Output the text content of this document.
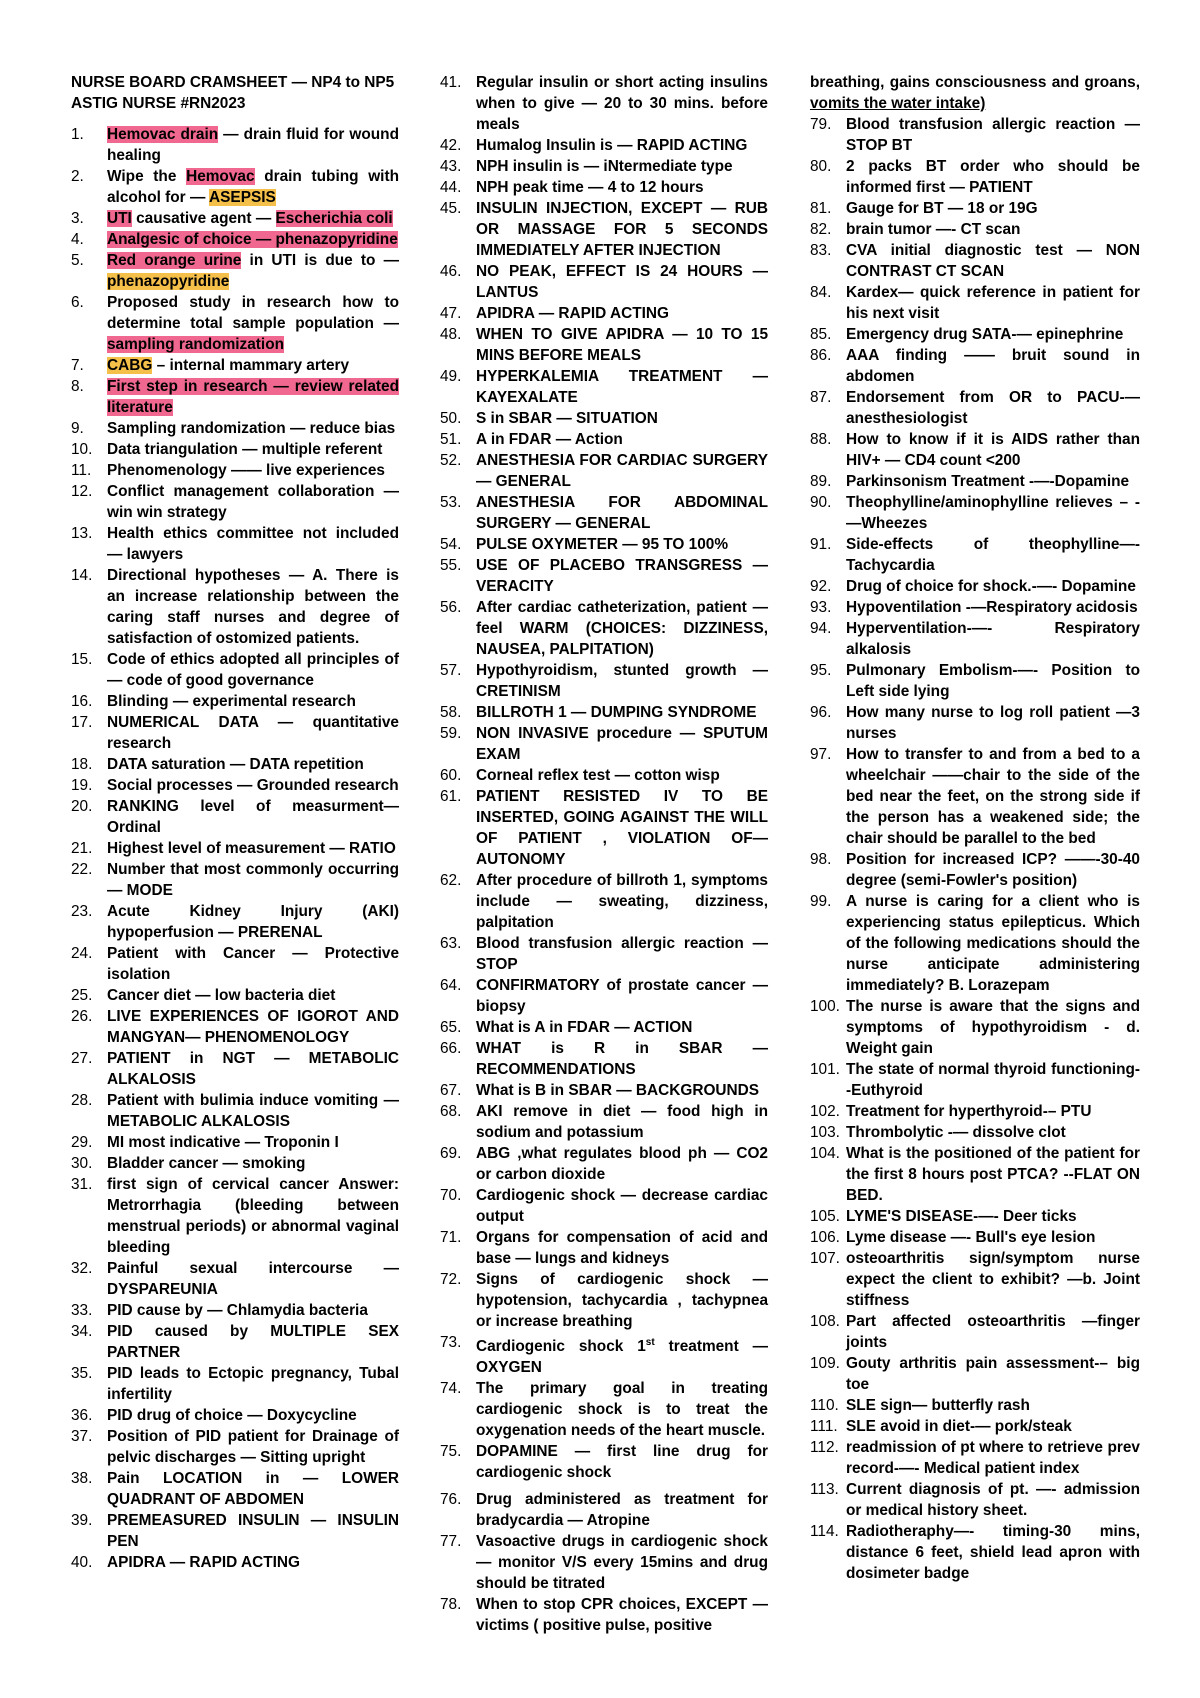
NURSE BOARD CRAMSHEET — NP4 to NP5
ASTIG NURSE #RN2023
1.	Hemovac drain — drain fluid for wound healing
2.	Wipe the Hemovac drain tubing with alcohol for — ASEPSIS
3.	UTI causative agent — Escherichia coli
4.	Analgesic of choice — phenazopyridine
5.	Red orange urine in UTI is due to — phenazopyridine
6.	Proposed study in research how to determine total sample population — sampling randomization
7.	CABG – internal mammary artery
8.	First step in research — review related literature
9.	Sampling randomization — reduce bias
10. Data triangulation — multiple referent
11.	Phenomenology —— live experiences
12. Conflict management collaboration — win win strategy
13. Health ethics committee not included — lawyers
14. Directional hypotheses — A. There is an increase relationship between the caring staff nurses and degree of satisfaction of ostomized patients.
15. Code of ethics adopted all principles of — code of good governance
16. Blinding — experimental research
17. NUMERICAL DATA — quantitative research
18. DATA saturation — DATA repetition
19. Social processes — Grounded research
20. RANKING level of measurment— Ordinal
21. Highest level of measurement — RATIO
22. Number that most commonly occurring — MODE
23. Acute Kidney Injury (AKI) hypoperfusion — PRERENAL
24. Patient with Cancer — Protective isolation
25. Cancer diet — low bacteria diet
26. LIVE EXPERIENCES OF IGOROT AND MANGYAN— PHENOMENOLOGY
27. PATIENT in NGT — METABOLIC ALKALOSIS
28. Patient with bulimia induce vomiting — METABOLIC ALKALOSIS
29. MI most indicative — Troponin I
30. Bladder cancer — smoking
31. first sign of cervical cancer Answer: Metrorrhagia (bleeding between menstrual periods) or abnormal vaginal bleeding
32. Painful sexual intercourse — DYSPAREUNIA
33. PID cause by — Chlamydia bacteria
34. PID caused by MULTIPLE SEX PARTNER
35. PID leads to Ectopic pregnancy, Tubal infertility
36. PID drug of choice — Doxycycline
37. Position of PID patient for Drainage of pelvic discharges — Sitting upright
38. Pain LOCATION in — LOWER QUADRANT OF ABDOMEN
39. PREMEASURED INSULIN — INSULIN PEN
40. APIDRA — RAPID ACTING
41. Regular insulin or short acting insulins when to give — 20 to 30 mins. before meals
42. Humalog Insulin is — RAPID ACTING
43. NPH insulin is — iNtermediate type
44. NPH peak time — 4 to 12 hours
45. INSULIN INJECTION, EXCEPT — RUB OR MASSAGE FOR 5 SECONDS IMMEDIATELY AFTER INJECTION
46. NO PEAK, EFFECT IS 24 HOURS — LANTUS
47. APIDRA — RAPID ACTING
48. WHEN TO GIVE APIDRA — 10 TO 15 MINS BEFORE MEALS
49. HYPERKALEMIA TREATMENT — KAYEXALATE
50. S in SBAR — SITUATION
51. A in FDAR — Action
52. ANESTHESIA FOR CARDIAC SURGERY — GENERAL
53. ANESTHESIA FOR ABDOMINAL SURGERY — GENERAL
54. PULSE OXYMETER — 95 TO 100%
55. USE OF PLACEBO TRANSGRESS — VERACITY
56. After cardiac catheterization, patient — feel WARM (CHOICES: DIZZINESS, NAUSEA, PALPITATION)
57. Hypothyroidism, stunted growth — CRETINISM
58. BILLROTH 1 — DUMPING SYNDROME
59. NON INVASIVE procedure — SPUTUM EXAM
60. Corneal reflex test — cotton wisp
61. PATIENT RESISTED IV TO BE INSERTED, GOING AGAINST THE WILL OF PATIENT , VIOLATION OF— AUTONOMY
62. After procedure of billroth 1, symptoms include — sweating, dizziness, palpitation
63. Blood transfusion allergic reaction — STOP
64. CONFIRMATORY of prostate cancer — biopsy
65. What is A in FDAR — ACTION
66. WHAT is R in SBAR — RECOMMENDATIONS
67. What is B in SBAR — BACKGROUNDS
68. AKI remove in diet — food high in sodium and potassium
69. ABG ,what regulates blood ph — CO2 or carbon dioxide
70. Cardiogenic shock — decrease cardiac output
71. Organs for compensation of acid and base — lungs and kidneys
72. Signs of cardiogenic shock — hypotension, tachycardia , tachypnea or increase breathing
73. Cardiogenic shock 1st treatment — OXYGEN
74. The primary goal in treating cardiogenic shock is to treat the oxygenation needs of the heart muscle.
75. DOPAMINE — first line drug for cardiogenic shock
76. Drug administered as treatment for bradycardia — Atropine
77. Vasoactive drugs in cardiogenic shock — monitor V/S every 15mins and drug should be titrated
78. When to stop CPR choices, EXCEPT — victims ( positive pulse, positive
breathing, gains consciousness and groans, vomits the water intake)
79. Blood transfusion allergic reaction — STOP BT
80. 2 packs BT order who should be informed first — PATIENT
81. Gauge for BT — 18 or 19G
82. brain tumor —- CT scan
83. CVA initial diagnostic test — NON CONTRAST CT SCAN
84. Kardex— quick reference in patient for his next visit
85. Emergency drug SATA-— epinephrine
86. AAA finding —— bruit sound in abdomen
87. Endorsement from OR to PACU-— anesthesiologist
88. How to know if it is AIDS rather than HIV+ — CD4 count <200
89. Parkinsonism Treatment -—-Dopamine
90. Theophylline/aminophylline relieves – -—Wheezes
91. Side-effects of theophylline—- Tachycardia
92. Drug of choice for shock.-—- Dopamine
93. Hypoventilation -—Respiratory acidosis
94. Hyperventilation-—- Respiratory alkalosis
95. Pulmonary Embolism-—- Position to Left side lying
96. How many nurse to log roll patient —3 nurses
97. How to transfer to and from a bed to a wheelchair ——chair to the side of the bed near the feet, on the strong side if the person has a weakened side; the chair should be parallel to the bed
98. Position for increased ICP? ——-30-40 degree (semi-Fowler's position)
99. A nurse is caring for a client who is experiencing status epilepticus. Which of the following medications should the nurse anticipate administering immediately? B. Lorazepam
100. The nurse is aware that the signs and symptoms of hypothyroidism - d. Weight gain
101. The state of normal thyroid functioning- -Euthyroid
102. Treatment for hyperthyroid-– PTU
103. Thrombolytic -— dissolve clot
104. What is the positioned of the patient for the first 8 hours post PTCA? --FLAT ON BED.
105. LYME'S DISEASE-—- Deer ticks
106. Lyme disease —- Bull's eye lesion
107. osteoarthritis sign/symptom nurse expect the client to exhibit? —b. Joint stiffness
108. Part affected osteoarthritis —finger joints
109. Gouty arthritis pain assessment-– big toe
110. SLE sign— butterfly rash
111. SLE avoid in diet-— pork/steak
112. readmission of pt where to retrieve prev record-—- Medical patient index
113. Current diagnosis of pt. —- admission or medical history sheet.
114. Radiotheraphy—- timing-30 mins, distance 6 feet, shield lead apron with dosimeter badge
